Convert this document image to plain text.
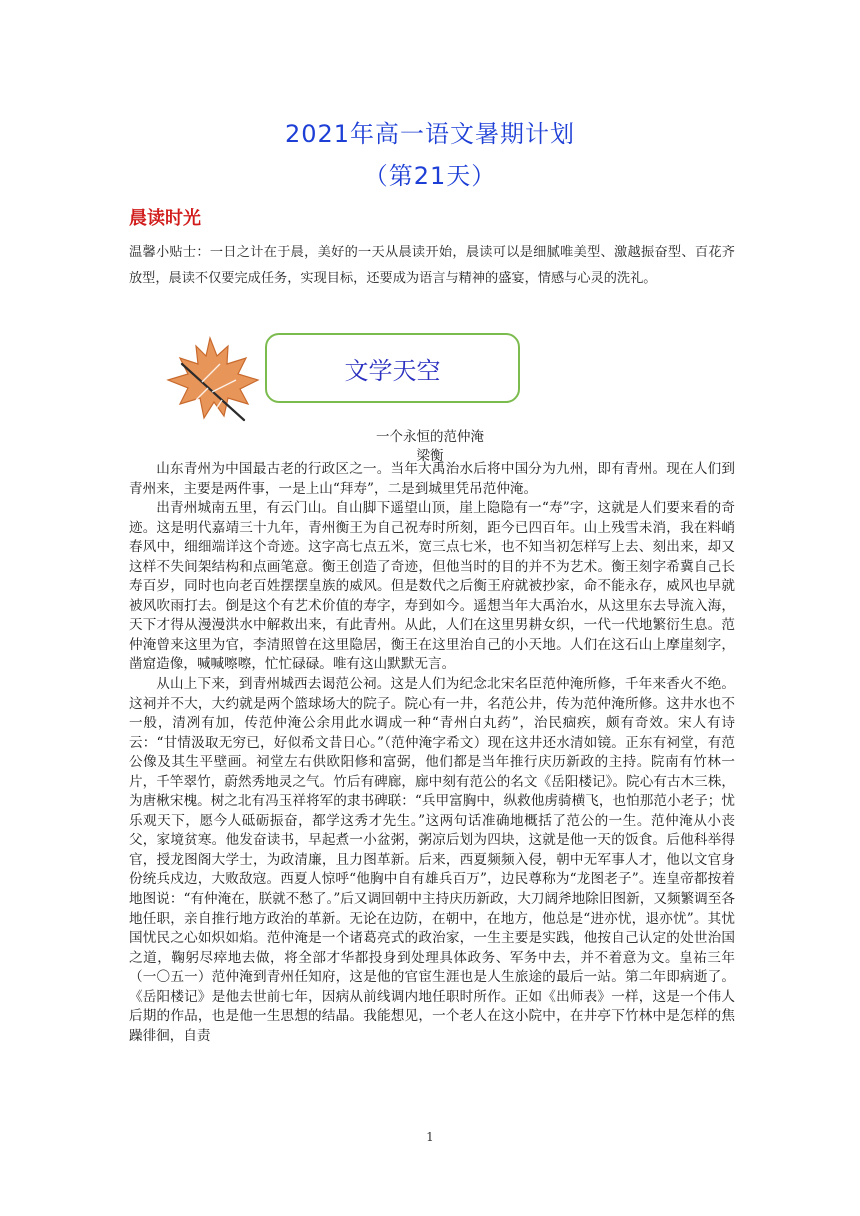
2021年高一语文暑期计划
（第21天）
晨读时光
温馨小贴士：一日之计在于晨，美好的一天从晨读开始，晨读可以是细腻唯美型、激越振奋型、百花齐放型，晨读不仅要完成任务，实现目标，还要成为语言与精神的盛宴，情感与心灵的洗礼。
文学天空
一个永恒的范仲淹
梁衡

山东青州为中国最古老的行政区之一。当年大禹治水后将中国分为九州，即有青州。现在人们到青州来，主要是两件事，一是上山“拜寿”，二是到城里凭吊范仲淹。

出青州城南五里，有云门山。自山脚下遥望山顶，崖上隐隐有一“寿”字，这就是人们要来看的奇迹。这是明代嘉靖三十九年，青州衡王为自己祝寿时所刻，距今已四百年。山上残雪未消，我在料峭春风中，细细端详这个奇迹。这字高七点五米，宽三点七米，也不知当初怎样写上去、刻出来，却又这样不失间架结构和点画笔意。衡王创造了奇迹，但他当时的目的并不为艺术。衡王刻字希冀自己长寿百岁，同时也向老百姓摆摆皇族的威风。但是数代之后衡王府就被抄家，命不能永存，威风也早就被风吹雨打去。倒是这个有艺术价值的寿字，寿到如今。遥想当年大禹治水，从这里东去导流入海，天下才得从漫漫洪水中解救出来，有此青州。从此，人们在这里男耕女织，一代一代地繁衍生息。范仲淹曾来这里为官，李清照曾在这里隐居，衡王在这里治自己的小天地。人们在这石山上摩崖刻字，凿窟造像，喊喊嚓嚓，忙忙碌碌。唯有这山默默无言。

从山上下来，到青州城西去谒范公祠。这是人们为纪念北宋名臣范仲淹所修，千年来香火不绝。这祠并不大，大约就是两个篮球场大的院子。院心有一井，名范公井，传为范仲淹所修。这井水也不一般，清冽有加，传范仲淹公余用此水调成一种“青州白丸药”，治民痼疾，颇有奇效。宋人有诗云：“甘情汲取无穷已，好似希文昔日心。”（范仲淹字希文）现在这井还水清如镜。正东有祠堂，有范公像及其生平壁画。祠堂左右供欧阳修和富弼，他们都是当年推行庆历新政的主持。院南有竹林一片，千竿翠竹，蔚然秀地灵之气。竹后有碑廊，廊中刻有范公的名文《岳阳楼记》。院心有古木三株，为唐楸宋槐。树之北有冯玉祥将军的隶书碑联：“兵甲富胸中，纵救他虏骑横飞，也怕那范小老子；忧乐观天下，愿今人砥砺振奋，都学这秀才先生。”这两句话准确地概括了范公的一生。范仲淹从小丧父，家境贫寒。他发奋读书，早起煮一小盆粥，粥凉后划为四块，这就是他一天的饭食。后他科举得官，授龙图阁大学士，为政清廉，且力图革新。后来，西夏频频入侵，朝中无军事人才，他以文官身份统兵戍边，大败敌寇。西夏人惊呼“他胸中自有雄兵百万”，边民尊称为“龙图老子”。连皇帝都按着地图说：“有仲淹在，朕就不愁了。”后又调回朝中主持庆历新政，大刀阔斧地除旧图新，又频繁调至各地任职，亲自推行地方政治的革新。无论在边防，在朝中，在地方，他总是“进亦忧，退亦忧”。其忧国忧民之心如炽如焰。范仲淹是一个诸葛亮式的政治家，一生主要是实践，他按自己认定的处世治国之道，鞠躬尽瘁地去做，将全部才华都投身到处理具体政务、军务中去，并不着意为文。皇祐三年（一〇五一）范仲淹到青州任知府，这是他的官宦生涯也是人生旅途的最后一站。第二年即病逝了。《岳阳楼记》是他去世前七年，因病从前线调内地任职时所作。正如《出师表》一样，这是一个伟人后期的作品，也是他一生思想的结晶。我能想见，一个老人在这小院中，在井亭下竹林中是怎样的焦躁徘徊，自责

1
